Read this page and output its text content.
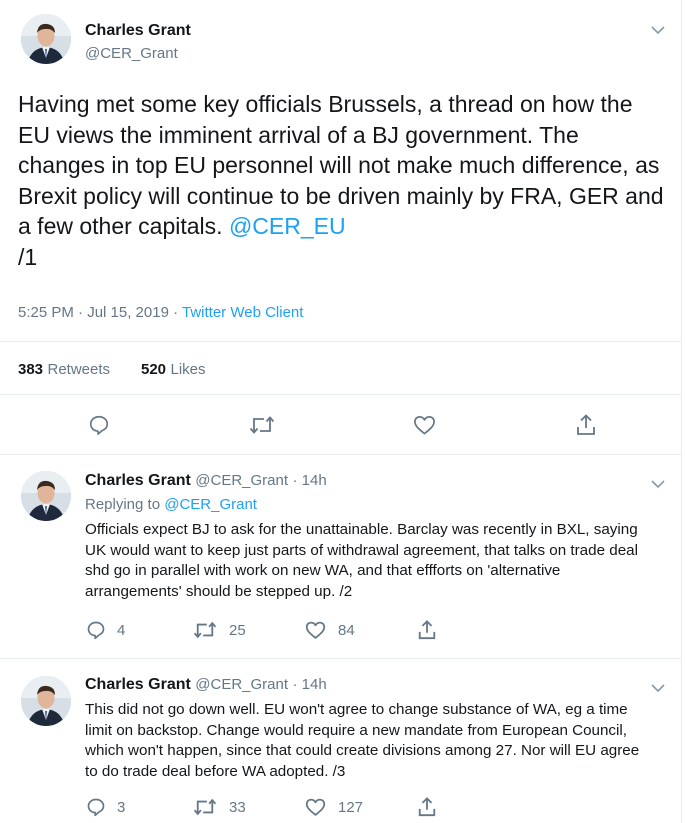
Charles Grant
@CER_Grant
Having met some key officials Brussels, a thread on how the EU views the imminent arrival of a BJ government. The changes in top EU personnel will not make much difference, as Brexit policy will continue to be driven mainly by FRA, GER and a few other capitals. @CER_EU
/1
5:25 PM · Jul 15, 2019 · Twitter Web Client
383 Retweets 520 Likes
Charles Grant @CER_Grant · 14h
Replying to @CER_Grant
Officials expect BJ to ask for the unattainable. Barclay was recently in BXL, saying UK would want to keep just parts of withdrawal agreement, that talks on trade deal shd go in parallel with work on new WA, and that effforts on 'alternative arrangements' should be stepped up. /2
4	25	84
Charles Grant @CER_Grant · 14h
This did not go down well. EU won't agree to change substance of WA, eg a time limit on backstop. Change would require a new mandate from European Council, which won't happen, since that could create divisions among 27. Nor will EU agree to do trade deal before WA adopted. /3
3	33	127
